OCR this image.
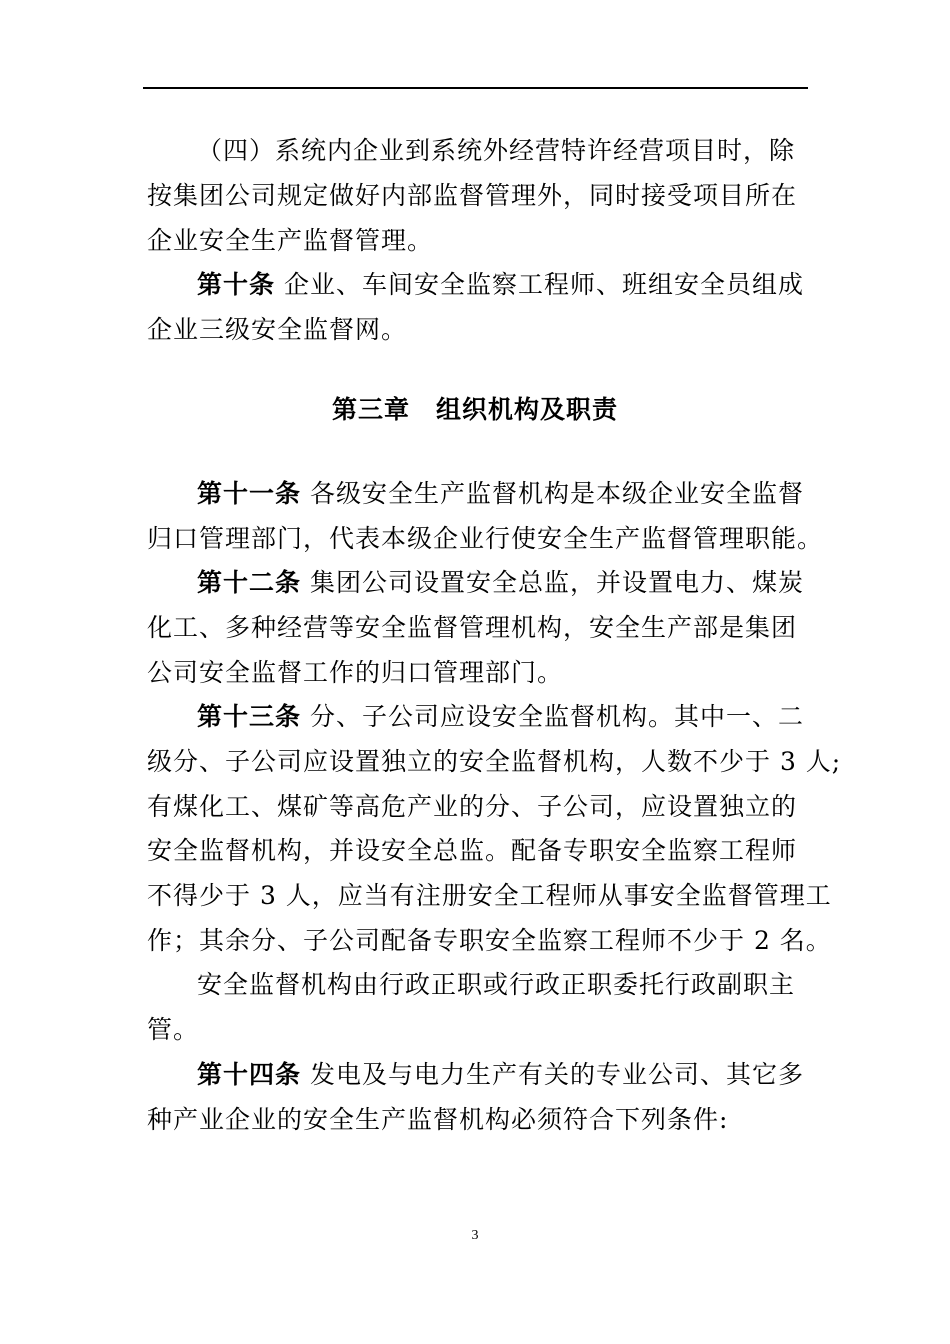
（四）系统内企业到系统外经营特许经营项目时，除
按集团公司规定做好内部监督管理外，同时接受项目所在
企业安全生产监督管理。
第十条 企业、车间安全监察工程师、班组安全员组成
企业三级安全监督网。
第三章　组织机构及职责
第十一条 各级安全生产监督机构是本级企业安全监督
归口管理部门，代表本级企业行使安全生产监督管理职能。
第十二条 集团公司设置安全总监，并设置电力、煤炭
化工、多种经营等安全监督管理机构，安全生产部是集团
公司安全监督工作的归口管理部门。
第十三条 分、子公司应设安全监督机构。其中一、二
级分、子公司应设置独立的安全监督机构，人数不少于 3 人;
有煤化工、煤矿等高危产业的分、子公司，应设置独立的
安全监督机构，并设安全总监。配备专职安全监察工程师
不得少于 3 人，应当有注册安全工程师从事安全监督管理工
作；其余分、子公司配备专职安全监察工程师不少于 2 名。
安全监督机构由行政正职或行政正职委托行政副职主
管。
第十四条 发电及与电力生产有关的专业公司、其它多
种产业企业的安全生产监督机构必须符合下列条件:
3
